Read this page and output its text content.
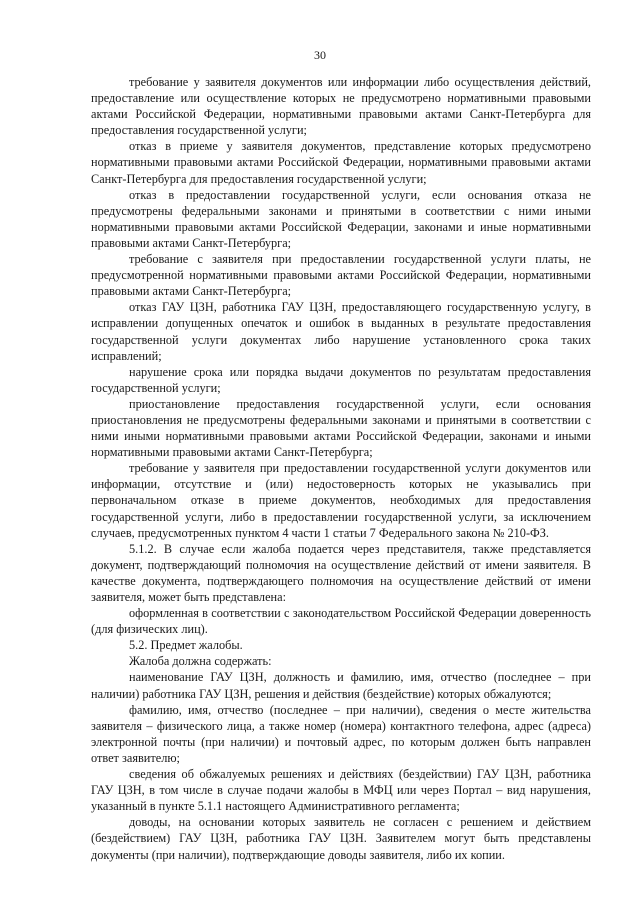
30

требование у заявителя документов или информации либо осуществления действий, предоставление или осуществление которых не предусмотрено нормативными правовыми актами Российской Федерации, нормативными правовыми актами Санкт-Петербурга для предоставления государственной услуги;

отказ в приеме у заявителя документов, представление которых предусмотрено нормативными правовыми актами Российской Федерации, нормативными правовыми актами Санкт-Петербурга для предоставления государственной услуги;

отказ в предоставлении государственной услуги, если основания отказа не предусмотрены федеральными законами и принятыми в соответствии с ними иными нормативными правовыми актами Российской Федерации, законами и иные нормативными правовыми актами Санкт-Петербурга;

требование с заявителя при предоставлении государственной услуги платы, не предусмотренной нормативными правовыми актами Российской Федерации, нормативными правовыми актами Санкт-Петербурга;

отказ ГАУ ЦЗН, работника ГАУ ЦЗН, предоставляющего государственную услугу, в исправлении допущенных опечаток и ошибок в выданных в результате предоставления государственной услуги документах либо нарушение установленного срока таких исправлений;

нарушение срока или порядка выдачи документов по результатам предоставления государственной услуги;

приостановление предоставления государственной услуги, если основания приостановления не предусмотрены федеральными законами и принятыми в соответствии с ними иными нормативными правовыми актами Российской Федерации, законами и иными нормативными правовыми актами Санкт-Петербурга;

требование у заявителя при предоставлении государственной услуги документов или информации, отсутствие и (или) недостоверность которых не указывались при первоначальном отказе в приеме документов, необходимых для предоставления государственной услуги, либо в предоставлении государственной услуги, за исключением случаев, предусмотренных пунктом 4 части 1 статьи 7 Федерального закона № 210-ФЗ.

5.1.2. В случае если жалоба подается через представителя, также представляется документ, подтверждающий полномочия на осуществление действий от имени заявителя. В качестве документа, подтверждающего полномочия на осуществление действий от имени заявителя, может быть представлена:

оформленная в соответствии с законодательством Российской Федерации доверенность (для физических лиц).

5.2. Предмет жалобы.

Жалоба должна содержать:

наименование ГАУ ЦЗН, должность и фамилию, имя, отчество (последнее – при наличии) работника ГАУ ЦЗН, решения и действия (бездействие) которых обжалуются;

фамилию, имя, отчество (последнее – при наличии), сведения о месте жительства заявителя – физического лица, а также номер (номера) контактного телефона, адрес (адреса) электронной почты (при наличии) и почтовый адрес, по которым должен быть направлен ответ заявителю;

сведения об обжалуемых решениях и действиях (бездействии) ГАУ ЦЗН, работника ГАУ ЦЗН, в том числе в случае подачи жалобы в МФЦ или через Портал – вид нарушения, указанный в пункте 5.1.1 настоящего Административного регламента;

доводы, на основании которых заявитель не согласен с решением и действием (бездействием) ГАУ ЦЗН, работника ГАУ ЦЗН. Заявителем могут быть представлены документы (при наличии), подтверждающие доводы заявителя, либо их копии.
